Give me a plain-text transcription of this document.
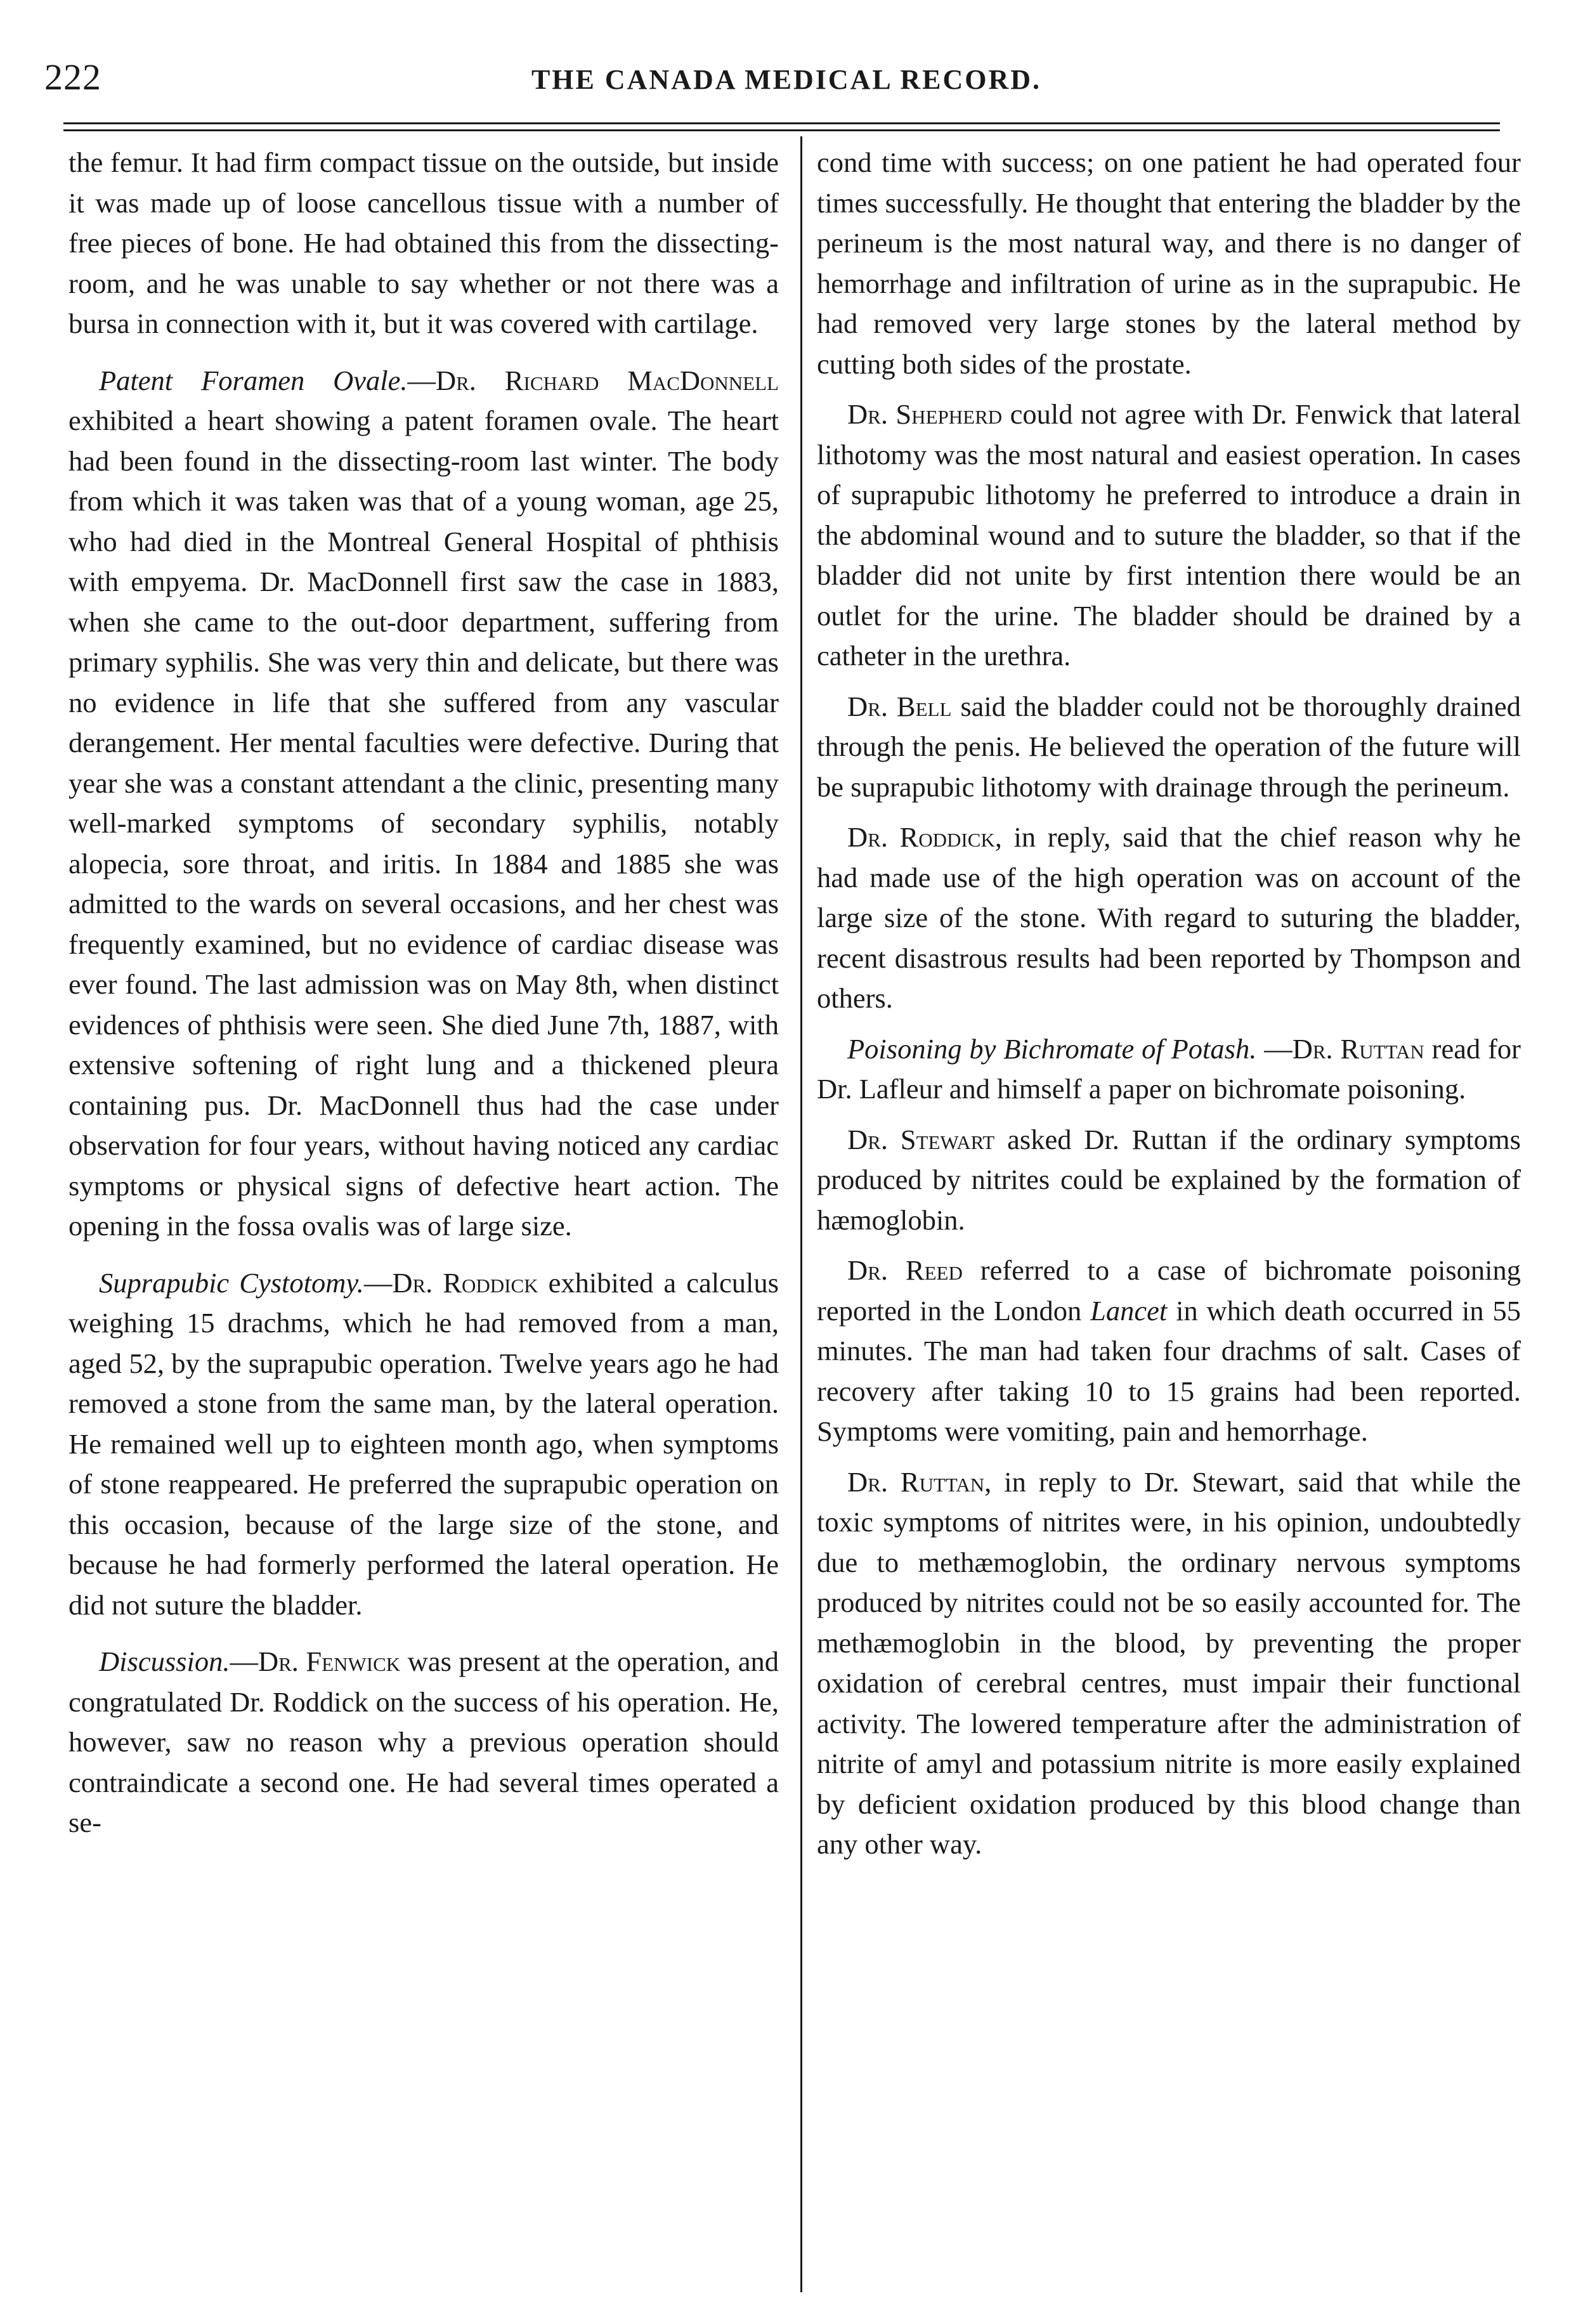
222	THE CANADA MEDICAL RECORD.

the femur. It had firm compact tissue on the outside, but inside it was made up of loose cancellous tissue with a number of free pieces of bone. He had obtained this from the dissecting-room, and he was unable to say whether or not there was a bursa in connection with it, but it was covered with cartilage.

Patent Foramen Ovale.—Dr. Richard MacDonnell exhibited a heart showing a patent foramen ovale. The heart had been found in the dissecting-room last winter. The body from which it was taken was that of a young woman, age 25, who had died in the Montreal General Hospital of phthisis with empyema. Dr. MacDonnell first saw the case in 1883, when she came to the out-door department, suffering from primary syphilis. She was very thin and delicate, but there was no evidence in life that she suffered from any vascular derangement. Her mental faculties were defective. During that year she was a constant attendant a the clinic, presenting many well-marked symptoms of secondary syphilis, notably alopecia, sore throat, and iritis. In 1884 and 1885 she was admitted to the wards on several occasions, and her chest was frequently examined, but no evidence of cardiac disease was ever found. The last admission was on May 8th, when distinct evidences of phthisis were seen. She died June 7th, 1887, with extensive softening of right lung and a thickened pleura containing pus. Dr. MacDonnell thus had the case under observation for four years, without having noticed any cardiac symptoms or physical signs of defective heart action. The opening in the fossa ovalis was of large size.

Suprapubic Cystotomy.—Dr. Roddick exhibited a calculus weighing 15 drachms, which he had removed from a man, aged 52, by the suprapubic operation. Twelve years ago he had removed a stone from the same man, by the lateral operation. He remained well up to eighteen month ago, when symptoms of stone reappeared. He preferred the suprapubic operation on this occasion, because of the large size of the stone, and because he had formerly performed the lateral operation. He did not suture the bladder.

Discussion.—Dr. Fenwick was present at the operation, and congratulated Dr. Roddick on the success of his operation. He, however, saw no reason why a previous operation should contraindicate a second one. He had several times operated a se-

cond time with success; on one patient he had operated four times successfully. He thought that entering the bladder by the perineum is the most natural way, and there is no danger of hemorrhage and infiltration of urine as in the suprapubic. He had removed very large stones by the lateral method by cutting both sides of the prostate.

Dr. Shepherd could not agree with Dr. Fenwick that lateral lithotomy was the most natural and easiest operation. In cases of suprapubic lithotomy he preferred to introduce a drain in the abdominal wound and to suture the bladder, so that if the bladder did not unite by first intention there would be an outlet for the urine. The bladder should be drained by a catheter in the urethra.

Dr. Bell said the bladder could not be thoroughly drained through the penis. He believed the operation of the future will be suprapubic lithotomy with drainage through the perineum.

Dr. Roddick, in reply, said that the chief reason why he had made use of the high operation was on account of the large size of the stone. With regard to suturing the bladder, recent disastrous results had been reported by Thompson and others.

Poisoning by Bichromate of Potash. —Dr. Ruttan read for Dr. Lafleur and himself a paper on bichromate poisoning.

Dr. Stewart asked Dr. Ruttan if the ordinary symptoms produced by nitrites could be explained by the formation of hæmoglobin.

Dr. Reed referred to a case of bichromate poisoning reported in the London Lancet in which death occurred in 55 minutes. The man had taken four drachms of salt. Cases of recovery after taking 10 to 15 grains had been reported. Symptoms were vomiting, pain and hemorrhage.

Dr. Ruttan, in reply to Dr. Stewart, said that while the toxic symptoms of nitrites were, in his opinion, undoubtedly due to methæmoglobin, the ordinary nervous symptoms produced by nitrites could not be so easily accounted for. The methæmoglobin in the blood, by preventing the proper oxidation of cerebral centres, must impair their functional activity. The lowered temperature after the administration of nitrite of amyl and potassium nitrite is more easily explained by deficient oxidation produced by this blood change than any other way.
